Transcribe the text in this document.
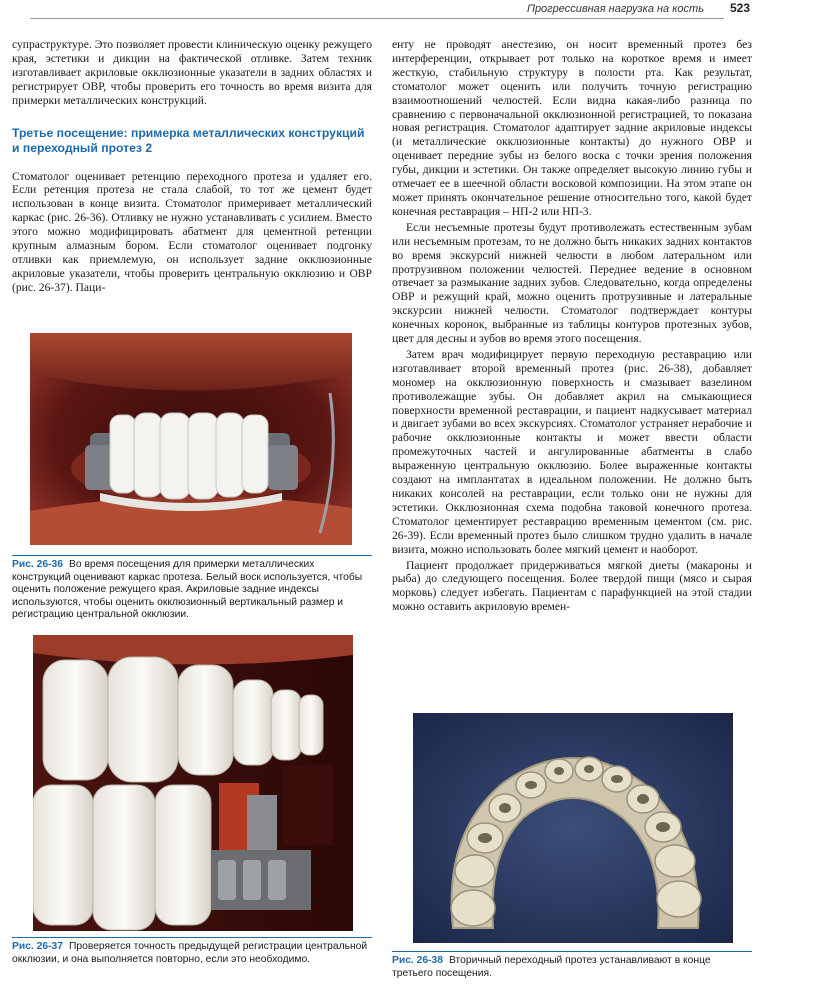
Прогрессивная нагрузка на кость 523

супраструктуре. Это позволяет провести клиническую оценку режущего края, эстетики и дикции на фактической отливке. Затем техник изготавливает акриловые окклюзионные указатели в задних областях и регистрирует ОВР, чтобы проверить его точность во время визита для примерки металлических конструкций.

Третье посещение: примерка металлических конструкций и переходный протез 2

Стоматолог оценивает ретенцию переходного протеза и удаляет его. Если ретенция протеза не стала слабой, то тот же цемент будет использован в конце визита. Стоматолог примеривает металлический каркас (рис. 26-36). Отливку не нужно устанавливать с усилием. Вместо этого можно модифицировать абатмент для цементной ретенции крупным алмазным бором. Если стоматолог оценивает подгонку отливки как приемлемую, он использует задние окклюзионные акриловые указатели, чтобы проверить центральную окклюзию и ОВР (рис. 26-37). Паци-

Рис. 26-36 Во время посещения для примерки металлических конструкций оценивают каркас протеза. Белый воск используется, чтобы оценить положение режущего края. Акриловые задние индексы используются, чтобы оценить окклюзионный вертикальный размер и регистрацию центральной окклюзии.
Рис. 26-37 Проверяется точность предыдущей регистрации центральной окклюзии, и она выполняется повторно, если это необходимо.

енту не проводят анестезию, он носит временный протез без интерференции, открывает рот только на короткое время и имеет жесткую, стабильную структуру в полости рта. Как результат, стоматолог может оценить или получить точную регистрацию взаимоотношений челюстей. Если видна какая-либо разница по сравнению с первоначальной окклюзионной регистрацией, то показана новая регистрация. Стоматолог адаптирует задние акриловые индексы (и металлические окклюзионные контакты) до нужного ОВР и оценивает передние зубы из белого воска с точки зрения положения губы, дикции и эстетики. Он также определяет высокую линию губы и отмечает ее в шеечной области восковой композиции. На этом этапе он может принять окончательное решение относительно того, какой будет конечная реставрация – НП-2 или НП-3.

Если несъемные протезы будут противолежать естественным зубам или несъемным протезам, то не должно быть никаких задних контактов во время экскурсий нижней челюсти в любом латеральном или протрузивном положении челюстей. Переднее ведение в основном отвечает за размыкание задних зубов. Следовательно, когда определены ОВР и режущий край, можно оценить протрузивные и латеральные экскурсии нижней челюсти. Стоматолог подтверждает контуры конечных коронок, выбранные из таблицы контуров протезных зубов, цвет для десны и зубов во время этого посещения.

Затем врач модифицирует первую переходную реставрацию или изготавливает второй временный протез (рис. 26-38), добавляет мономер на окклюзионную поверхность и смазывает вазелином противолежащие зубы. Он добавляет акрил на смыкающиеся поверхности временной реставрации, и пациент надкусывает материал и двигает зубами во всех экскурсиях. Стоматолог устраняет нерабочие и рабочие окклюзионные контакты и может ввести области промежуточных частей и ангулированные абатменты в слабо выраженную центральную окклюзию. Более выраженные контакты создают на имплантатах в идеальном положении. Не должно быть никаких консолей на реставрации, если только они не нужны для эстетики. Окклюзионная схема подобна таковой конечного протеза. Стоматолог цементирует реставрацию временным цементом (см. рис. 26-39). Если временный протез было слишком трудно удалить в начале визита, можно использовать более мягкий цемент и наоборот.

Пациент продолжает придерживаться мягкой диеты (макароны и рыба) до следующего посещения. Более твердой пищи (мясо и сырая морковь) следует избегать. Пациентам с парафункцией на этой стадии можно оставить акриловую времен-

Рис. 26-38 Вторичный переходный протез устанавливают в конце третьего посещения.
